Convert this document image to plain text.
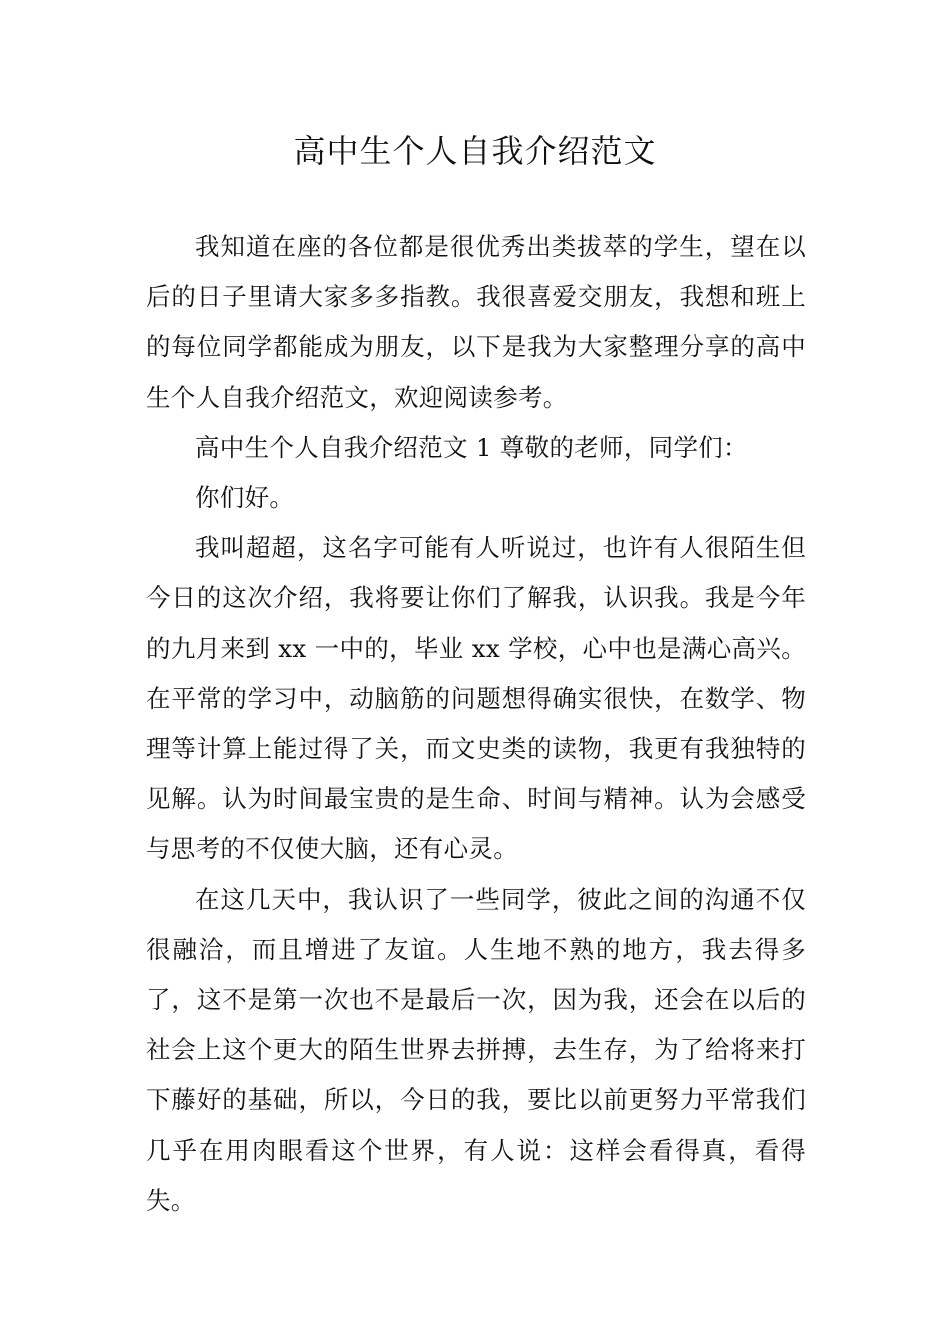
高中生个人自我介绍范文

我知道在座的各位都是很优秀出类拔萃的学生，望在以后的日子里请大家多多指教。我很喜爱交朋友，我想和班上的每位同学都能成为朋友，以下是我为大家整理分享的高中生个人自我介绍范文，欢迎阅读参考。

高中生个人自我介绍范文 1 尊敬的老师，同学们：

你们好。

我叫超超，这名字可能有人听说过，也许有人很陌生但今日的这次介绍，我将要让你们了解我，认识我。我是今年的九月来到 xx 一中的，毕业 xx 学校，心中也是满心高兴。在平常的学习中，动脑筋的问题想得确实很快，在数学、物理等计算上能过得了关，而文史类的读物，我更有我独特的见解。认为时间最宝贵的是生命、时间与精神。认为会感受与思考的不仅使大脑，还有心灵。

在这几天中，我认识了一些同学，彼此之间的沟通不仅很融洽，而且增进了友谊。人生地不熟的地方，我去得多了，这不是第一次也不是最后一次，因为我，还会在以后的社会上这个更大的陌生世界去拼搏，去生存，为了给将来打下藤好的基础，所以，今日的我，要比以前更努力平常我们几乎在用肉眼看这个世界，有人说：这样会看得真，看得失。
